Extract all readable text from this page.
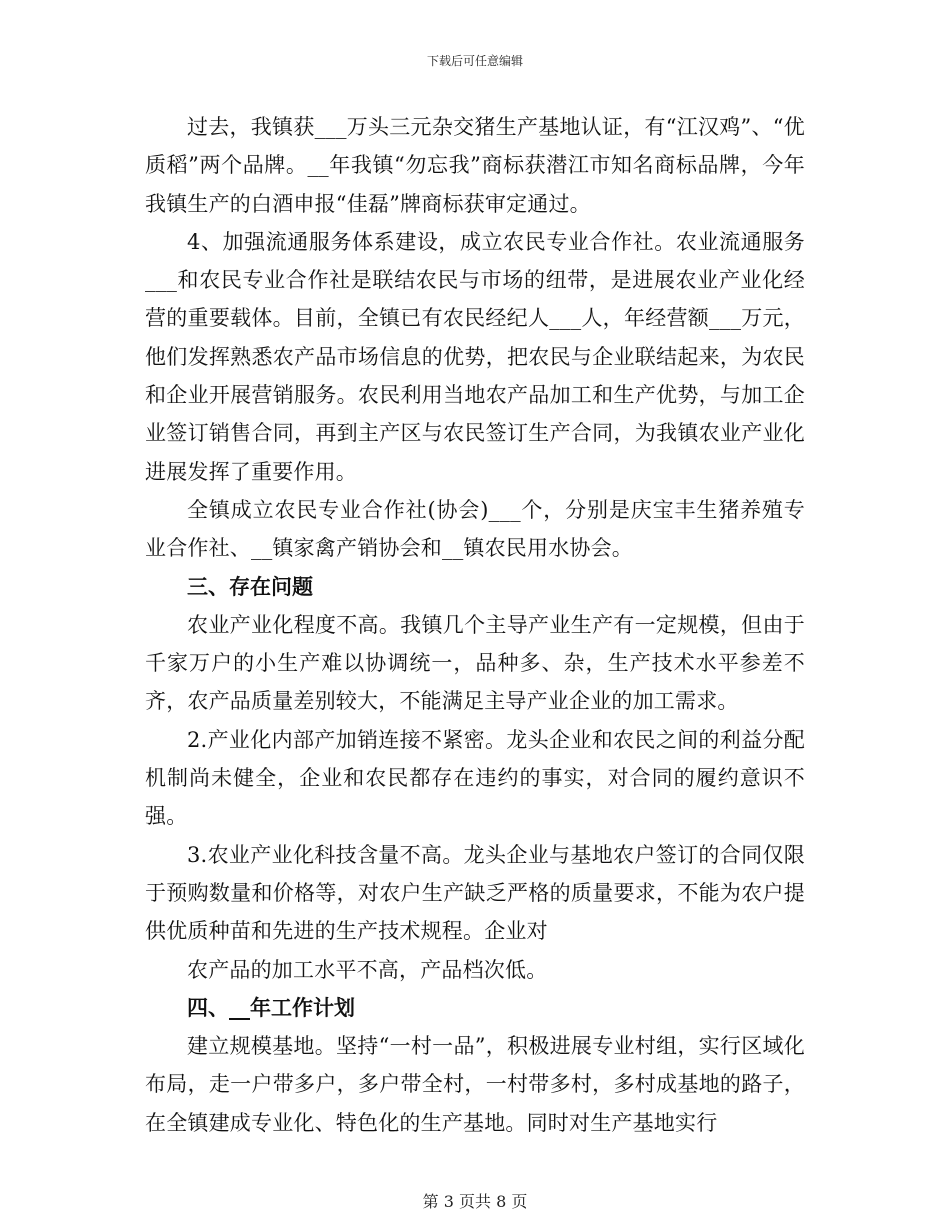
下载后可任意编辑

过去，我镇获___万头三元杂交猪生产基地认证，有“江汉鸡”、“优质稻”两个品牌。__年我镇“勿忘我”商标获潜江市知名商标品牌，今年我镇生产的白酒申报“佳磊”牌商标获审定通过。

4、加强流通服务体系建设，成立农民专业合作社。农业流通服务___和农民专业合作社是联结农民与市场的纽带，是进展农业产业化经营的重要载体。目前，全镇已有农民经纪人___人，年经营额___万元，他们发挥熟悉农产品市场信息的优势，把农民与企业联结起来，为农民和企业开展营销服务。农民利用当地农产品加工和生产优势，与加工企业签订销售合同，再到主产区与农民签订生产合同，为我镇农业产业化进展发挥了重要作用。

全镇成立农民专业合作社(协会)___个，分别是庆宝丰生猪养殖专业合作社、__镇家禽产销协会和__镇农民用水协会。

三、存在问题

农业产业化程度不高。我镇几个主导产业生产有一定规模，但由于千家万户的小生产难以协调统一，品种多、杂，生产技术水平参差不齐，农产品质量差别较大，不能满足主导产业企业的加工需求。

2.产业化内部产加销连接不紧密。龙头企业和农民之间的利益分配机制尚未健全，企业和农民都存在违约的事实，对合同的履约意识不强。

3.农业产业化科技含量不高。龙头企业与基地农户签订的合同仅限于预购数量和价格等，对农户生产缺乏严格的质量要求，不能为农户提供优质种苗和先进的生产技术规程。企业对

农产品的加工水平不高，产品档次低。

四、__年工作计划

建立规模基地。坚持“一村一品”，积极进展专业村组，实行区域化布局，走一户带多户，多户带全村，一村带多村，多村成基地的路子，在全镇建成专业化、特色化的生产基地。同时对生产基地实行

第 3 页共 8 页
